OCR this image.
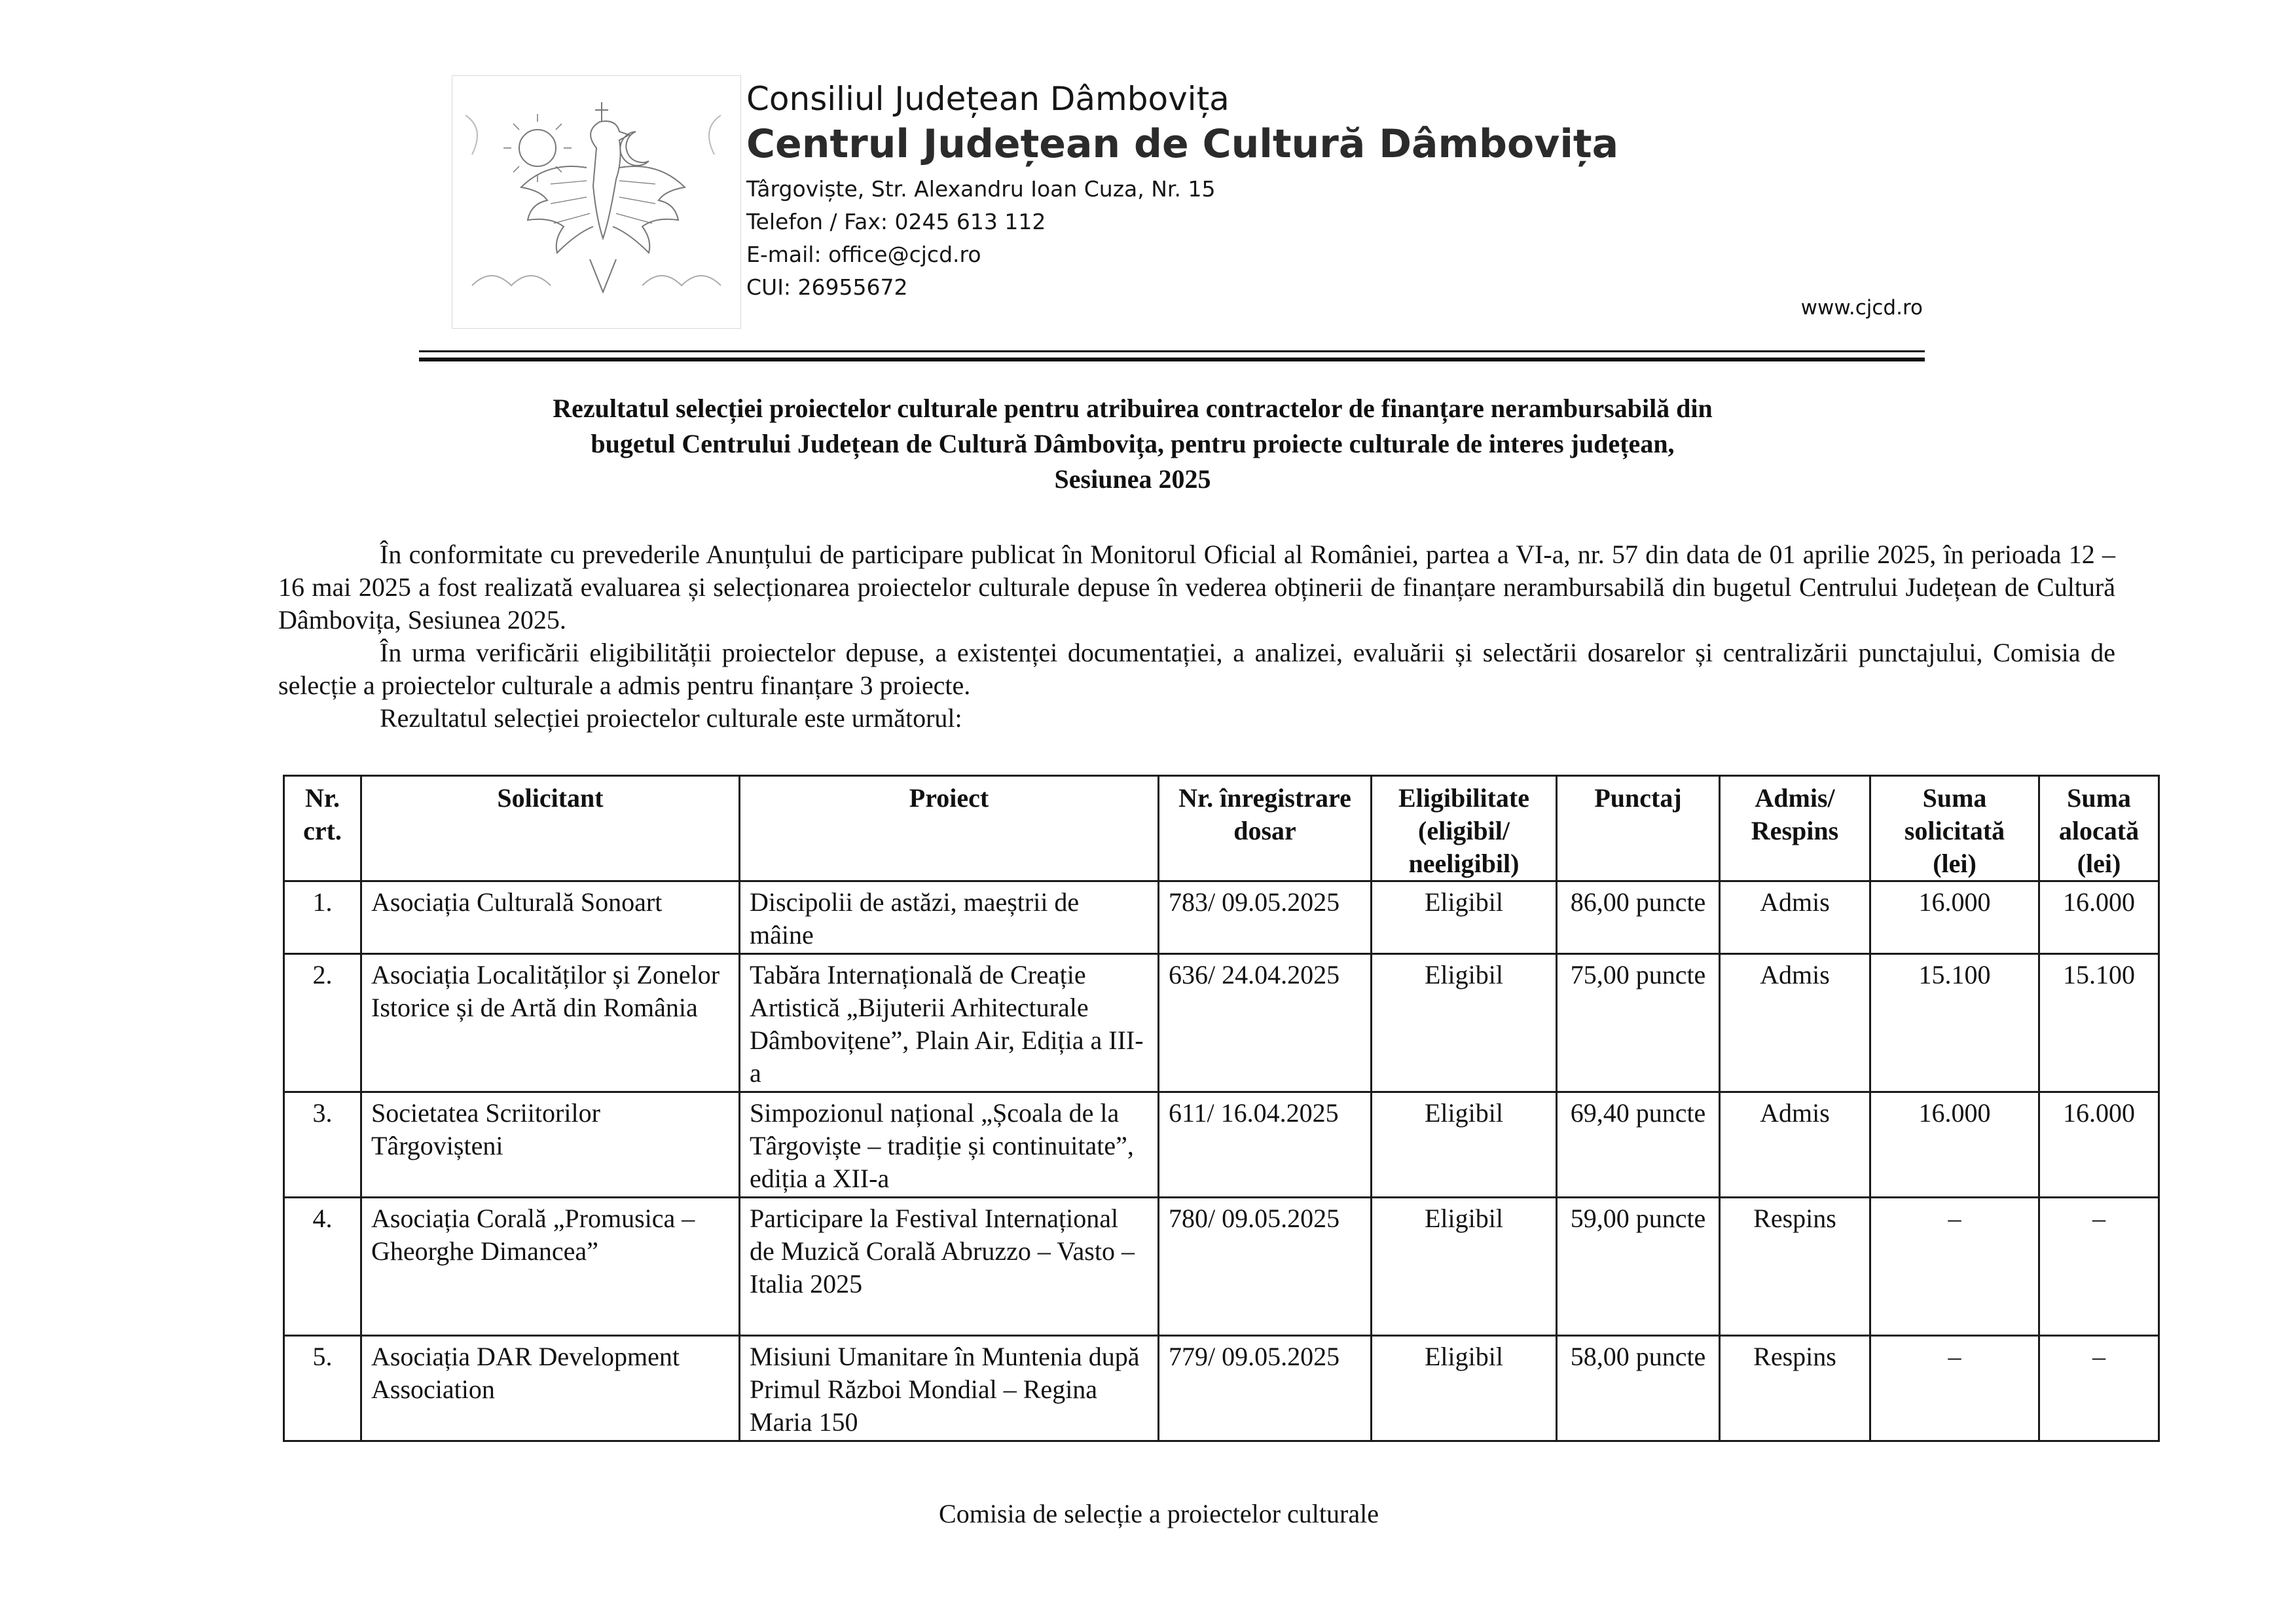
Consiliul Județean Dâmbovița
Centrul Județean de Cultură Dâmbovița
Târgoviște, Str. Alexandru Ioan Cuza, Nr. 15
Telefon / Fax: 0245 613 112
E-mail: office@cjcd.ro
CUI: 26955672
www.cjcd.ro
Rezultatul selecției proiectelor culturale pentru atribuirea contractelor de finanțare nerambursabilă din
bugetul Centrului Județean de Cultură Dâmbovița, pentru proiecte culturale de interes județean,
Sesiunea 2025

În conformitate cu prevederile Anunțului de participare publicat în Monitorul Oficial al României, partea a VI-a, nr. 57 din data de 01 aprilie 2025, în perioada 12 – 16 mai 2025 a fost realizată evaluarea și selecționarea proiectelor culturale depuse în vederea obținerii de finanțare nerambursabilă din bugetul Centrului Județean de Cultură Dâmbovița, Sesiunea 2025.

În urma verificării eligibilității proiectelor depuse, a existenței documentației, a analizei, evaluării și selectării dosarelor și centralizării punctajului, Comisia de selecție a proiectelor culturale a admis pentru finanțare 3 proiecte.

Rezultatul selecției proiectelor culturale este următorul:

Nr. crt.	Solicitant	Proiect	Nr. înregistrare dosar	Eligibilitate (eligibil/ neeligibil)	Punctaj	Admis/ Respins	Suma solicitată (lei)	Suma alocată (lei)
1.	Asociația Culturală Sonoart	Discipolii de astăzi, maeștrii de mâine	783/ 09.05.2025	Eligibil	86,00 puncte	Admis	16.000	16.000
2.	Asociația Localităților și Zonelor Istorice și de Artă din România	Tabăra Internațională de Creație Artistică „Bijuterii Arhitecturale Dâmbovițene”, Plain Air, Ediția a III-a	636/ 24.04.2025	Eligibil	75,00 puncte	Admis	15.100	15.100
3.	Societatea Scriitorilor Târgovișteni	Simpozionul național „Școala de la Târgoviște – tradiție și continuitate”, ediția a XII-a	611/ 16.04.2025	Eligibil	69,40 puncte	Admis	16.000	16.000
4.	Asociația Corală „Promusica – Gheorghe Dimancea”	Participare la Festival Internațional de Muzică Corală Abruzzo – Vasto – Italia 2025	780/ 09.05.2025	Eligibil	59,00 puncte	Respins	–	–
5.	Asociația DAR Development Association	Misiuni Umanitare în Muntenia după Primul Război Mondial – Regina Maria 150	779/ 09.05.2025	Eligibil	58,00 puncte	Respins	–	–
Comisia de selecție a proiectelor culturale
